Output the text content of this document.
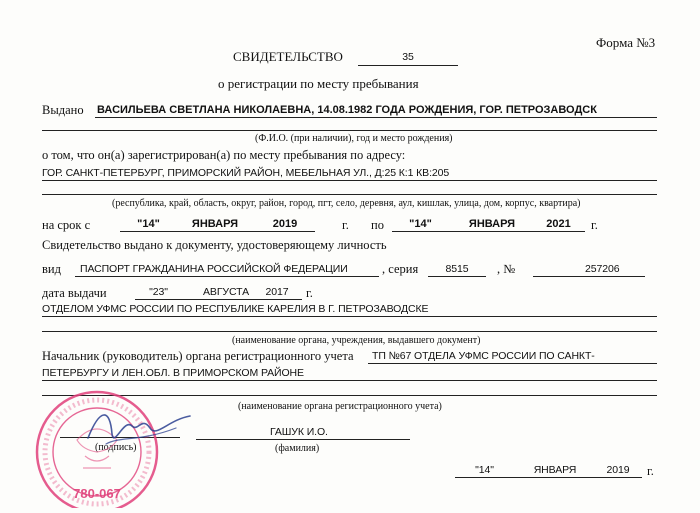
Форма №3
СВИДЕТЕЛЬСТВО	35
о регистрации по месту пребывания
Выдано ВАСИЛЬЕВА СВЕТЛАНА НИКОЛАЕВНА, 14.08.1982 ГОДА РОЖДЕНИЯ, ГОР. ПЕТРОЗАВОДСК
(Ф.И.О. (при наличии), год и место рождения)
о том, что он(а) зарегистрирован(а) по месту пребывания по адресу:
ГОР. САНКТ-ПЕТЕРБУРГ, ПРИМОРСКИЙ РАЙОН, МЕБЕЛЬНАЯ УЛ., Д:25 К:1 КВ:205
(республика, край, область, округ, район, город, пгт, село, деревня, аул, кишлак, улица, дом, корпус, квартира)
на срок с	"14"	ЯНВАРЯ	2019	г. по	"14"	ЯНВАРЯ	2021	г.
Свидетельство выдано к документу, удостоверяющему личность
вид ПАСПОРТ ГРАЖДАНИНА РОССИЙСКОЙ ФЕДЕРАЦИИ	, серия	8515	, №	257206
дата выдачи	"23"	АВГУСТА	2017	г.
ОТДЕЛОМ УФМС РОССИИ ПО РЕСПУБЛИКЕ КАРЕЛИЯ В Г. ПЕТРОЗАВОДСКЕ
(наименование органа, учреждения, выдавшего документ)
Начальник (руководитель) органа регистрационного учета ТП №67 ОТДЕЛА УФМС РОССИИ ПО САНКТ-
ПЕТЕРБУРГУ И ЛЕН.ОБЛ. В ПРИМОРСКОМ РАЙОНЕ
(наименование органа регистрационного учета)
(подпись)
ГАШУК И.О.
(фамилия)
"14"	ЯНВАРЯ	2019	г.
780-067
